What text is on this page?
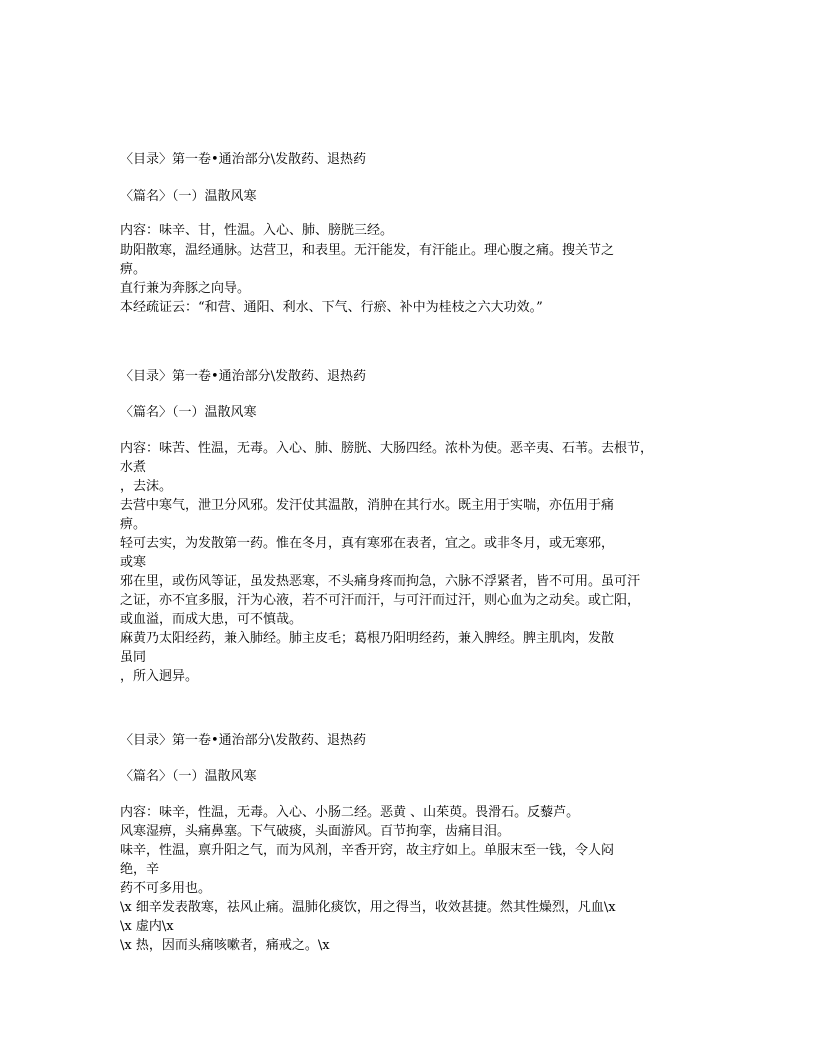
〈目录〉第一卷•通治部分\发散药、退热药
〈篇名〉（一）温散风寒
内容：味辛、甘，性温。入心、肺、膀胱三经。
助阳散寒，温经通脉。达营卫，和表里。无汗能发，有汗能止。理心腹之痛。搜关节之
痹。
直行兼为奔豚之向导。
本经疏证云：“和营、通阳、利水、下气、行瘀、补中为桂枝之六大功效。”
〈目录〉第一卷•通治部分\发散药、退热药
〈篇名〉（一）温散风寒
内容：味苦、性温，无毒。入心、肺、膀胱、大肠四经。浓朴为使。恶辛夷、石苇。去根节，
水煮
，去沫。
去营中寒气，泄卫分风邪。发汗仗其温散，消肿在其行水。既主用于实喘，亦伍用于痛
痹。
轻可去实，为发散第一药。惟在冬月，真有寒邪在表者，宜之。或非冬月，或无寒邪，
或寒
邪在里，或伤风等证，虽发热恶寒，不头痛身疼而拘急，六脉不浮紧者，皆不可用。虽可汗
之证，亦不宜多服，汗为心液，若不可汗而汗，与可汗而过汗，则心血为之动矣。或亡阳，
或血溢，而成大患，可不慎哉。
麻黄乃太阳经药，兼入肺经。肺主皮毛；葛根乃阳明经药，兼入脾经。脾主肌肉，发散
虽同
，所入迥异。
〈目录〉第一卷•通治部分\发散药、退热药
〈篇名〉（一）温散风寒
内容：味辛，性温，无毒。入心、小肠二经。恶黄 、山茱萸。畏滑石。反藜芦。
风寒湿痹，头痛鼻塞。下气破痰，头面游风。百节拘挛，齿痛目泪。
味辛，性温，禀升阳之气，而为风剂，辛香开窍，故主疗如上。单服末至一钱，令人闷
绝，辛
药不可多用也。
\x 细辛发表散寒，祛风止痛。温肺化痰饮，用之得当，收效甚捷。然其性燥烈，凡血\x
\x 虚内\x
\x 热，因而头痛咳嗽者，痛戒之。\x
